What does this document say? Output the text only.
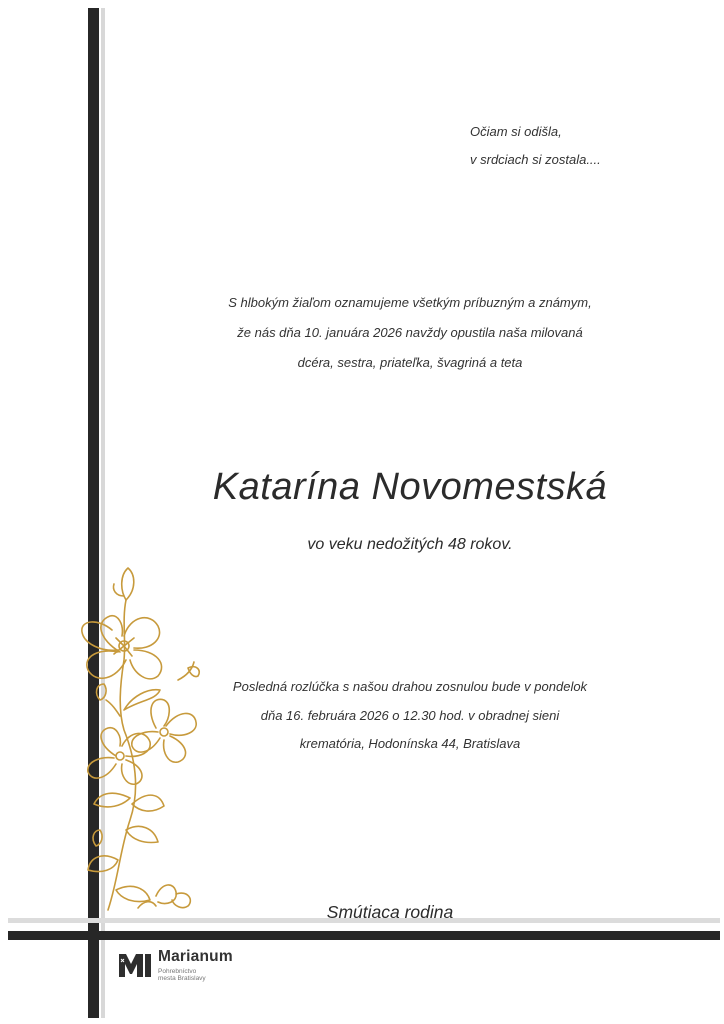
Očiam si odišla,
v srdciach si zostala....
S hlbokým žiaľom oznamujeme všetkým príbuzným a známym,
že nás dňa 10. januára 2026 navždy opustila naša milovaná
dcéra, sestra, priateľka, švagriná a teta
Katarína Novomestská
vo veku nedožitých 48 rokov.
Posledná rozlúčka s našou drahou zosnulou bude v pondelok
dňa 16. februára 2026 o 12.30 hod. v obradnej sieni
krematória, Hodonínska 44, Bratislava
Smútiaca rodina
Marianum
Pohrebníctvo
mesta Bratislavy
